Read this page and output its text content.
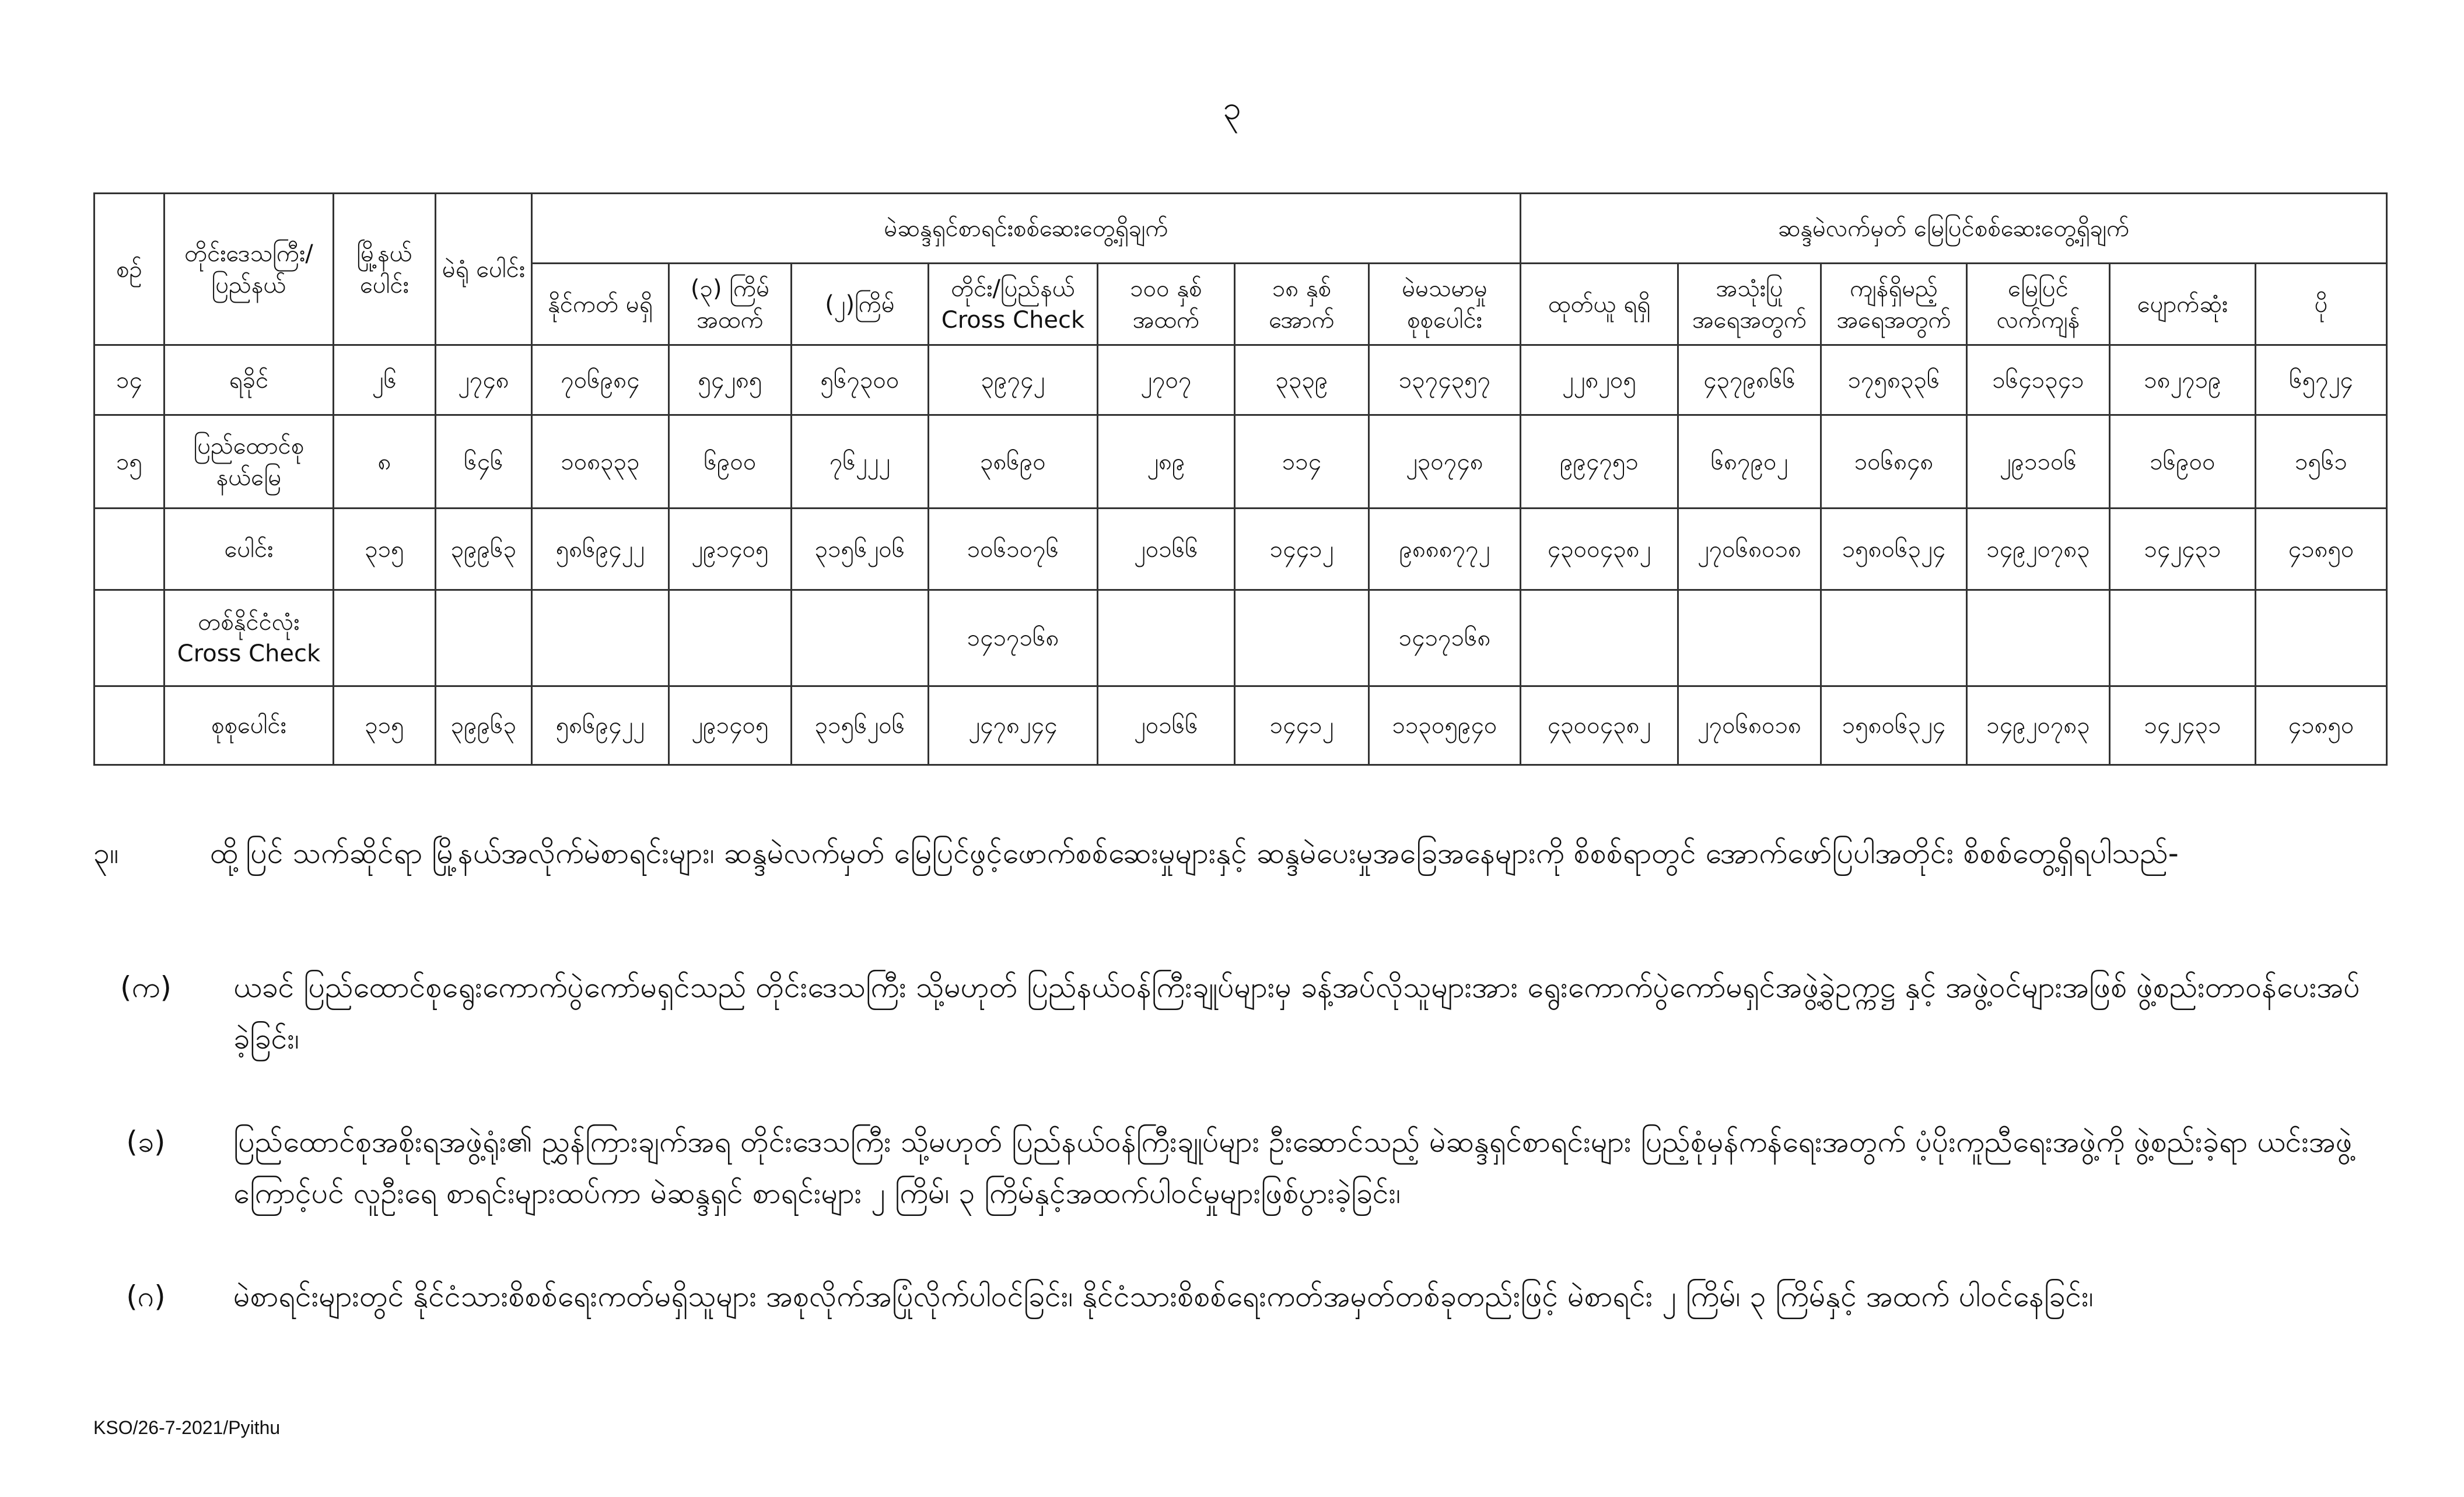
၃
စဉ်	တိုင်းဒေသကြီး/ ပြည်နယ်	မြို့နယ် ပေါင်း	မဲရုံ ပေါင်း	မဲဆန္ဒရှင်စာရင်းစစ်ဆေးတွေ့ရှိချက်							ဆန္ဒမဲလက်မှတ် မြေပြင်စစ်ဆေးတွေ့ရှိချက်					
				နိုင်ကတ် မရှိ	(၃) ကြိမ် အထက်	(၂)ကြိမ်	တိုင်း/ပြည်နယ် Cross Check	၁၀၀ နှစ် အထက်	၁၈ နှစ် အောက်	မဲမသမာမှု စုစုပေါင်း	ထုတ်ယူ ရရှိ	အသုံးပြု အရေအတွက်	ကျန်ရှိမည့် အရေအတွက်	မြေပြင် လက်ကျန်	ပျောက်ဆုံး	ပို
၁၄	ရခိုင်	၂၆	၂၇၄၈	၇၀၆၉၈၄	၅၄၂၈၅	၅၆၇၃၀၀	၃၉၇၄၂	၂၇၀၇	၃၃၃၉	၁၃၇၄၃၅၇	၂၂၈၂၀၅	၄၃၇၉၈၆၆	၁၇၅၈၃၃၆	၁၆၄၁၃၄၁	၁၈၂၇၁၉	၆၅၇၂၄
၁၅	ပြည်ထောင်စု နယ်မြေ	၈	၆၄၆	၁၀၈၃၃၃	၆၉၀၀	၇၆၂၂၂	၃၈၆၉၀	၂၈၉	၁၁၄	၂၃၀၇၄၈	၉၉၄၇၅၁	၆၈၇၉၀၂	၁၀၆၈၄၈	၂၉၁၁၀၆	၁၆၉၀၀	၁၅၆၁
	ပေါင်း	၃၁၅	၃၉၉၆၃	၅၈၆၉၄၂၂	၂၉၁၄၀၅	၃၁၅၆၂၀၆	၁၀၆၁၀၇၆	၂၀၁၆၆	၁၄၄၁၂	၉၈၈၈၇၇၂	၄၃၀၀၄၃၈၂	၂၇၀၆၈၀၁၈	၁၅၈၀၆၃၂၄	၁၄၉၂၀၇၈၃	၁၄၂၄၃၁	၄၁၈၅၀
	တစ်နိုင်ငံလုံး Cross Check						၁၄၁၇၁၆၈			၁၄၁၇၁၆၈						
	စုစုပေါင်း	၃၁၅	၃၉၉၆၃	၅၈၆၉၄၂၂	၂၉၁၄၀၅	၃၁၅၆၂၀၆	၂၄၇၈၂၄၄	၂၀၁၆၆	၁၄၄၁၂	၁၁၃၀၅၉၄၀	၄၃၀၀၄၃၈၂	၂၇၀၆၈၀၁၈	၁၅၈၀၆၃၂၄	၁၄၉၂၀၇၈၃	၁၄၂၄၃၁	၄၁၈၅၀
၃။	ထို့ပြင် သက်ဆိုင်ရာ မြို့နယ်အလိုက်မဲစာရင်းများ၊ ဆန္ဒမဲလက်မှတ် မြေပြင်ဖွင့်ဖောက်စစ်ဆေးမှုများနှင့် ဆန္ဒမဲပေးမှုအခြေအနေများကို စိစစ်ရာတွင် အောက်ဖော်ပြပါအတိုင်း စိစစ်တွေ့ရှိရပါသည်-
(က)	ယခင် ပြည်ထောင်စုရွေးကောက်ပွဲကော်မရှင်သည် တိုင်းဒေသကြီး သို့မဟုတ် ပြည်နယ်ဝန်ကြီးချုပ်များမှ ခန့်အပ်လိုသူများအား ရွေးကောက်ပွဲကော်မရှင်အဖွဲ့ခွဲဥက္ကဋ္ဌ နှင့် အဖွဲ့ဝင်များအဖြစ် ဖွဲ့စည်းတာဝန်ပေးအပ်ခဲ့ခြင်း၊
(ခ)	ပြည်ထောင်စုအစိုးရအဖွဲ့ရုံး၏ ညွှန်ကြားချက်အရ တိုင်းဒေသကြီး သို့မဟုတ် ပြည်နယ်ဝန်ကြီးချုပ်များ ဦးဆောင်သည့် မဲဆန္ဒရှင်စာရင်းများ ပြည့်စုံမှန်ကန်ရေးအတွက် ပံ့ပိုးကူညီရေးအဖွဲ့ကို ဖွဲ့စည်းခဲ့ရာ ယင်းအဖွဲ့ကြောင့်ပင် လူဦးရေ စာရင်းများထပ်ကာ မဲဆန္ဒရှင် စာရင်းများ ၂ ကြိမ်၊ ၃ ကြိမ်နှင့်အထက်ပါဝင်မှုများဖြစ်ပွားခဲ့ခြင်း၊
(ဂ)	မဲစာရင်းများတွင် နိုင်ငံသားစိစစ်ရေးကတ်မရှိသူများ အစုလိုက်အပြုံလိုက်ပါဝင်ခြင်း၊ နိုင်ငံသားစိစစ်ရေးကတ်အမှတ်တစ်ခုတည်းဖြင့် မဲစာရင်း ၂ ကြိမ်၊ ၃ ကြိမ်နှင့် အထက် ပါဝင်နေခြင်း၊
KSO/26-7-2021/Pyithu
